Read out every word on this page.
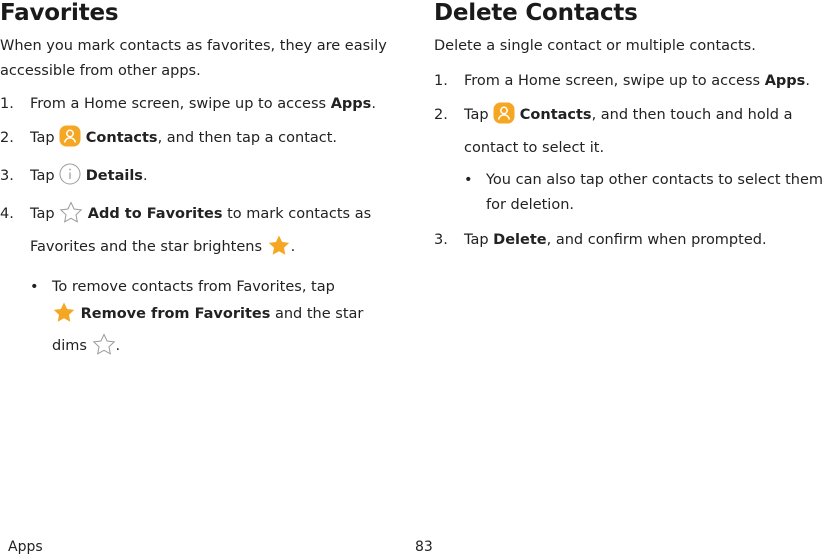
Favorites

When you mark contacts as favorites, they are easily accessible from other apps.

1. From a Home screen, swipe up to access Apps.
2. Tap  Contacts, and then tap a contact.
3. Tap  Details.
4. Tap  Add to Favorites to mark contacts as Favorites and the star brightens .
• To remove contacts from Favorites, tap
Remove from Favorites and the star dims .
Delete Contacts

Delete a single contact or multiple contacts.

1. From a Home screen, swipe up to access Apps.
2. Tap  Contacts, and then touch and hold a contact to select it.
• You can also tap other contacts to select them for deletion.
3. Tap Delete, and confirm when prompted.
Apps	83
